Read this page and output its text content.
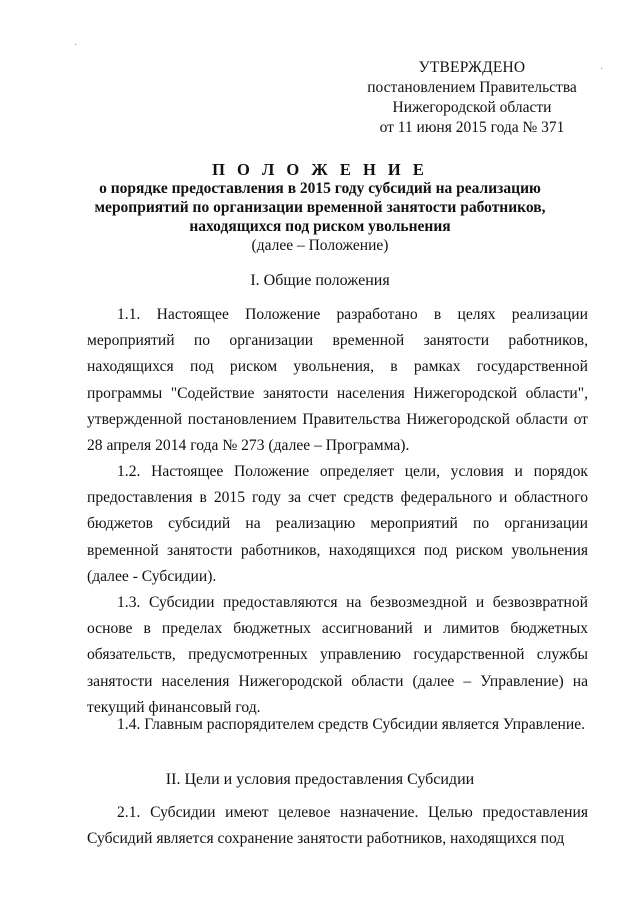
·
·
УТВЕРЖДЕНО
постановлением Правительства
Нижегородской области
от 11 июня 2015 года № 371
П О Л О Ж Е Н И Е
о порядке предоставления в 2015 году субсидий на реализацию
мероприятий по организации временной занятости работников,
находящихся под риском увольнения
(далее – Положение)
I. Общие положения

1.1. Настоящее Положение разработано в целях реализации мероприятий по организации временной занятости работников, находящихся под риском увольнения, в рамках государственной программы "Содействие занятости населения Нижегородской области", утвержденной постановлением Правительства Нижегородской области от 28 апреля 2014 года № 273 (далее – Программа).

1.2. Настоящее Положение определяет цели, условия и порядок предоставления в 2015 году за счет средств федерального и областного бюджетов субсидий на реализацию мероприятий по организации временной занятости работников, находящихся под риском увольнения (далее - Субсидии).

1.3. Субсидии предоставляются на безвозмездной и безвозвратной основе в пределах бюджетных ассигнований и лимитов бюджетных обязательств, предусмотренных управлению государственной службы занятости населения Нижегородской области (далее – Управление) на текущий финансовый год.

1.4. Главным распорядителем средств Субсидии является Управление.

II. Цели и условия предоставления Субсидии

2.1. Субсидии имеют целевое назначение. Целью предоставления Субсидий является сохранение занятости работников, находящихся под
